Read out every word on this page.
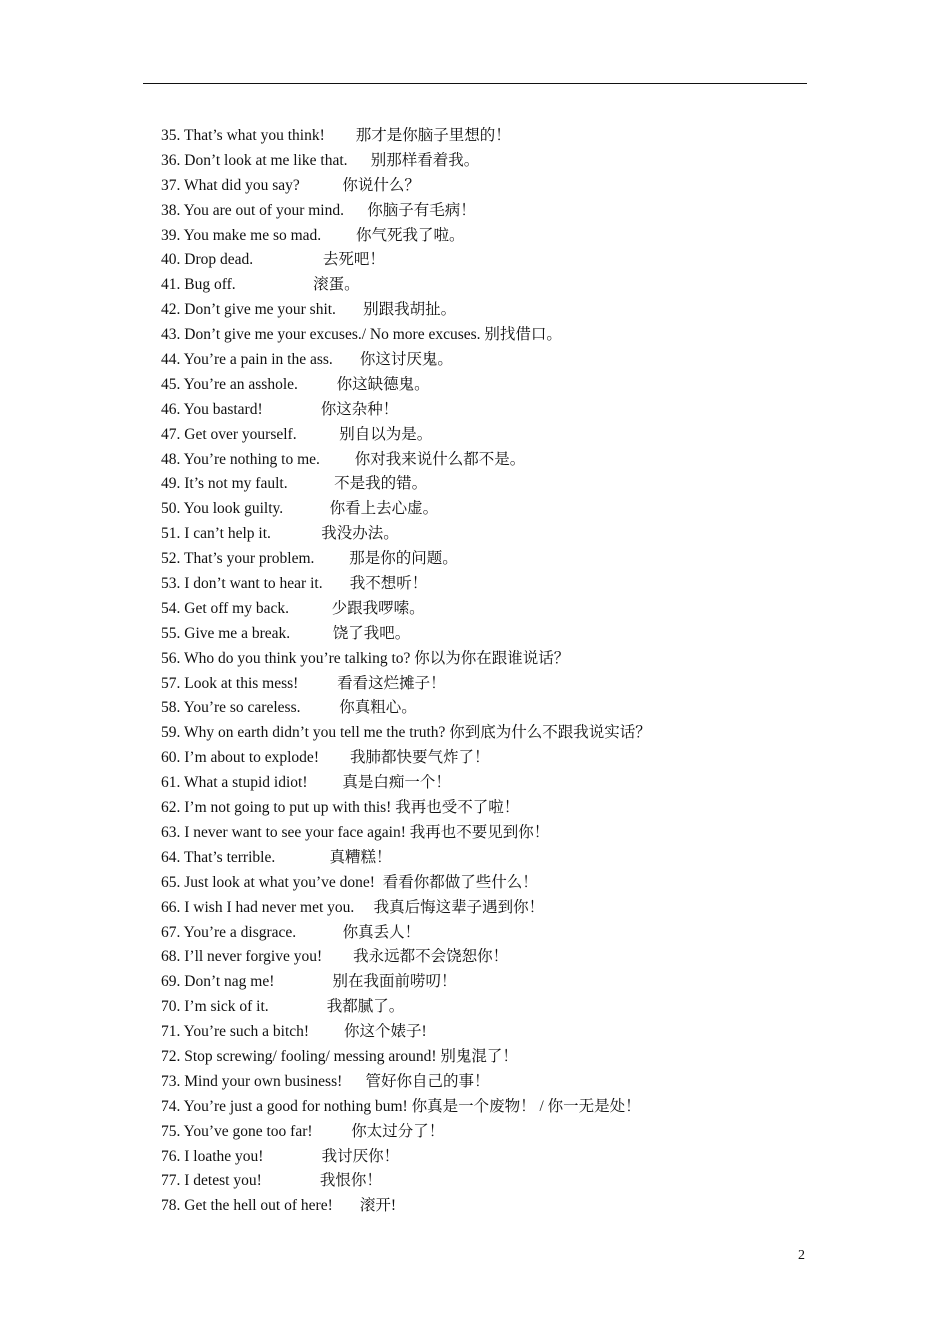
35. That’s what you think! 那才是你脑子里想的！
36. Don’t look at me like that. 别那样看着我。
37. What did you say?	你说什么？
38. You are out of your mind. 你脑子有毛病！
39. You make me so mad. 你气死我了啦。
40. Drop dead.	去死吧！
41. Bug off.	滚蛋。
42. Don’t give me your shit. 别跟我胡扯。
43. Don’t give me your excuses./ No more excuses. 别找借口。
44. You’re a pain in the ass. 你这讨厌鬼。
45. You’re an asshole.	你这缺德鬼。
46. You bastard!	你这杂种！
47. Get over yourself.	别自以为是。
48. You’re nothing to me. 你对我来说什么都不是。
49. It’s not my fault.	不是我的错。
50. You look guilty.	你看上去心虚。
51. I can’t help it.	我没办法。
52. That’s your problem. 那是你的问题。
53. I don’t want to hear it. 我不想听！
54. Get off my back.	少跟我啰嗦。
55. Give me a break.	饶了我吧。
56. Who do you think you’re talking to? 你以为你在跟谁说话？
57. Look at this mess!	看看这烂摊子！
58. You’re so careless.	你真粗心。
59. Why on earth didn’t you tell me the truth? 你到底为什么不跟我说实话？
60. I’m about to explode! 我肺都快要气炸了！
61. What a stupid idiot! 真是白痴一个！
62. I’m not going to put up with this! 我再也受不了啦！
63. I never want to see your face again! 我再也不要见到你！
64. That’s terrible.	真糟糕！
65. Just look at what you’ve done! 看看你都做了些什么！
66. I wish I had never met you. 我真后悔这辈子遇到你！
67. You’re a disgrace.	你真丢人！
68. I’ll never forgive you! 我永远都不会饶恕你！
69. Don’t nag me!	别在我面前唠叨！
70. I’m sick of it.	我都腻了。
71. You’re such a bitch! 你这个婊子!
72. Stop screwing/ fooling/ messing around! 别鬼混了！
73. Mind your own business! 管好你自己的事！
74. You’re just a good for nothing bum! 你真是一个废物！ / 你一无是处！
75. You’ve gone too far!	你太过分了！
76. I loathe you!	我讨厌你！
77. I detest you!	我恨你！
78. Get the hell out of here! 滚开!
2
